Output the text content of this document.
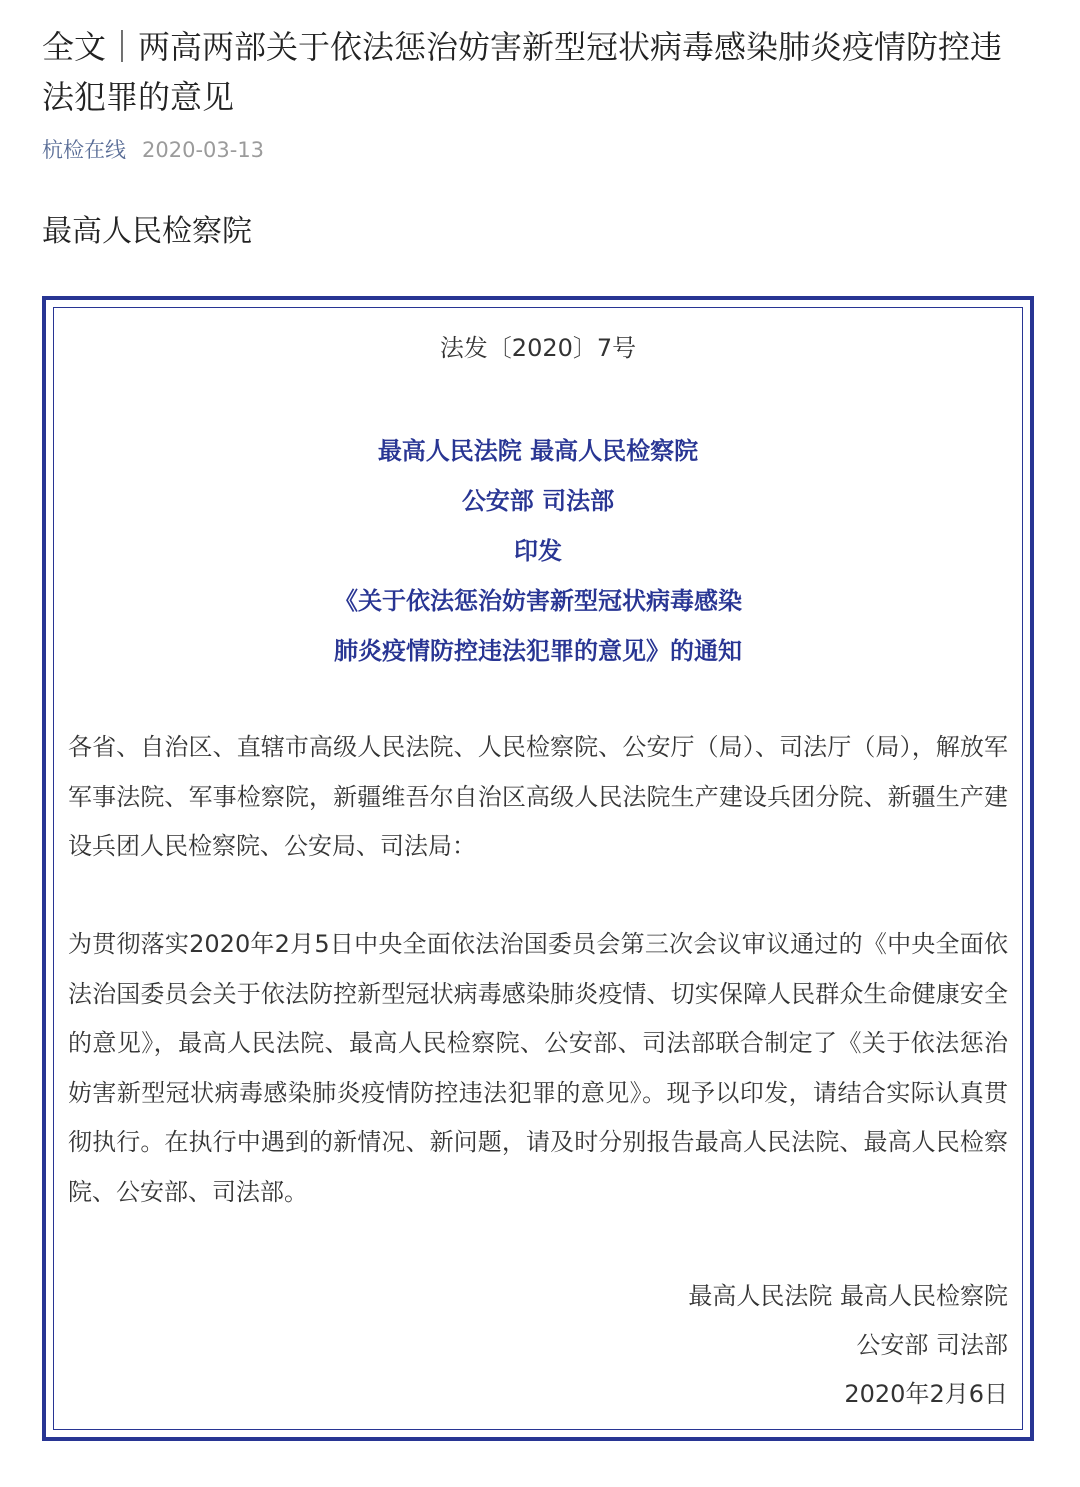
全文｜两高两部关于依法惩治妨害新型冠状病毒感染肺炎疫情防控违法犯罪的意见
杭检在线 2020-03-13
最高人民检察院
法发〔2020〕7号

最高人民法院 最高人民检察院

公安部 司法部

印发

《关于依法惩治妨害新型冠状病毒感染

肺炎疫情防控违法犯罪的意见》的通知

各省、自治区、直辖市高级人民法院、人民检察院、公安厅（局）、司法厅（局），解放军军事法院、军事检察院，新疆维吾尔自治区高级人民法院生产建设兵团分院、新疆生产建设兵团人民检察院、公安局、司法局：

为贯彻落实2020年2月5日中央全面依法治国委员会第三次会议审议通过的《中央全面依法治国委员会关于依法防控新型冠状病毒感染肺炎疫情、切实保障人民群众生命健康安全的意见》，最高人民法院、最高人民检察院、公安部、司法部联合制定了《关于依法惩治妨害新型冠状病毒感染肺炎疫情防控违法犯罪的意见》。现予以印发，请结合实际认真贯彻执行。在执行中遇到的新情况、新问题，请及时分别报告最高人民法院、最高人民检察院、公安部、司法部。

最高人民法院 最高人民检察院
公安部 司法部
2020年2月6日
